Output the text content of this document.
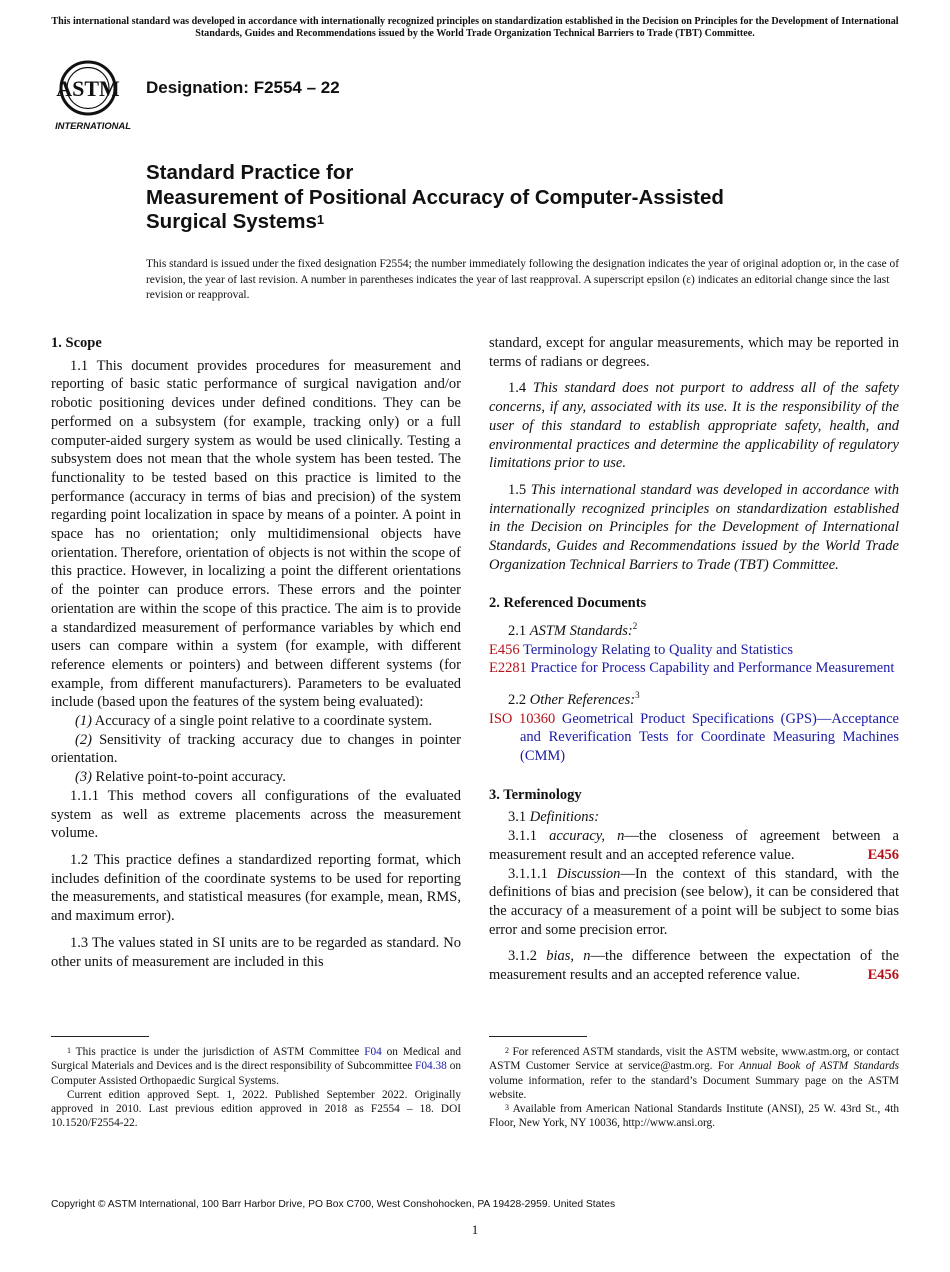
This international standard was developed in accordance with internationally recognized principles on standardization established in the Decision on Principles for the Development of International Standards, Guides and Recommendations issued by the World Trade Organization Technical Barriers to Trade (TBT) Committee.
ASTM
INTERNATIONAL
Designation: F2554 – 22
Standard Practice for
Measurement of Positional Accuracy of Computer-Assisted
Surgical Systems$^1$
This standard is issued under the fixed designation F2554; the number immediately following the designation indicates the year of original adoption or, in the case of revision, the year of last revision. A number in parentheses indicates the year of last reapproval. A superscript epsilon (ε) indicates an editorial change since the last revision or reapproval.
1. Scope

1.1 This document provides procedures for measurement and reporting of basic static performance of surgical navigation and/or robotic positioning devices under defined conditions. They can be performed on a subsystem (for example, tracking only) or a full computer-aided surgery system as would be used clinically. Testing a subsystem does not mean that the whole system has been tested. The functionality to be tested based on this practice is limited to the performance (accuracy in terms of bias and precision) of the system regarding point localization in space by means of a pointer. A point in space has no orientation; only multidimensional objects have orientation. Therefore, orientation of objects is not within the scope of this practice. However, in localizing a point the different orientations of the pointer can produce errors. These errors and the pointer orientation are within the scope of this practice. The aim is to provide a standardized measurement of performance variables by which end users can compare within a system (for example, with different reference elements or pointers) and between different systems (for example, from different manufacturers). Parameters to be evaluated include (based upon the features of the system being evaluated):

(1) Accuracy of a single point relative to a coordinate system.

(2) Sensitivity of tracking accuracy due to changes in pointer orientation.

(3) Relative point-to-point accuracy.

1.1.1 This method covers all configurations of the evaluated system as well as extreme placements across the measurement volume.

1.2 This practice defines a standardized reporting format, which includes definition of the coordinate systems to be used for reporting the measurements, and statistical measures (for example, mean, RMS, and maximum error).

1.3 The values stated in SI units are to be regarded as standard. No other units of measurement are included in this

standard, except for angular measurements, which may be reported in terms of radians or degrees.

1.4 This standard does not purport to address all of the safety concerns, if any, associated with its use. It is the responsibility of the user of this standard to establish appropriate safety, health, and environmental practices and determine the applicability of regulatory limitations prior to use.

1.5 This international standard was developed in accordance with internationally recognized principles on standardization established in the Decision on Principles for the Development of International Standards, Guides and Recommendations issued by the World Trade Organization Technical Barriers to Trade (TBT) Committee.

2. Referenced Documents

2.1 ASTM Standards:$^2$

E456 Terminology Relating to Quality and Statistics

E2281 Practice for Process Capability and Performance Measurement

2.2 Other References:$^3$

ISO 10360 Geometrical Product Specifications (GPS)—Acceptance and Reverification Tests for Coordinate Measuring Machines (CMM)

3. Terminology

3.1 Definitions:

3.1.1 accuracy, n—the closeness of agreement between a measurement result and an accepted reference value.	E456

3.1.1.1 Discussion—In the context of this standard, with the definitions of bias and precision (see below), it can be considered that the accuracy of a measurement of a point will be subject to some bias error and some precision error.

3.1.2 bias, n—the difference between the expectation of the measurement results and an accepted reference value.	E456

$^1$ This practice is under the jurisdiction of ASTM Committee F04 on Medical and Surgical Materials and Devices and is the direct responsibility of Subcommittee F04.38 on Computer Assisted Orthopaedic Surgical Systems.

Current edition approved Sept. 1, 2022. Published September 2022. Originally approved in 2010. Last previous edition approved in 2018 as F2554 – 18. DOI 10.1520/F2554-22.

$^2$ For referenced ASTM standards, visit the ASTM website, www.astm.org, or contact ASTM Customer Service at service@astm.org. For Annual Book of ASTM Standards volume information, refer to the standard’s Document Summary page on the ASTM website.

$^3$ Available from American National Standards Institute (ANSI), 25 W. 43rd St., 4th Floor, New York, NY 10036, http://www.ansi.org.

Copyright © ASTM International, 100 Barr Harbor Drive, PO Box C700, West Conshohocken, PA 19428-2959. United States
1
